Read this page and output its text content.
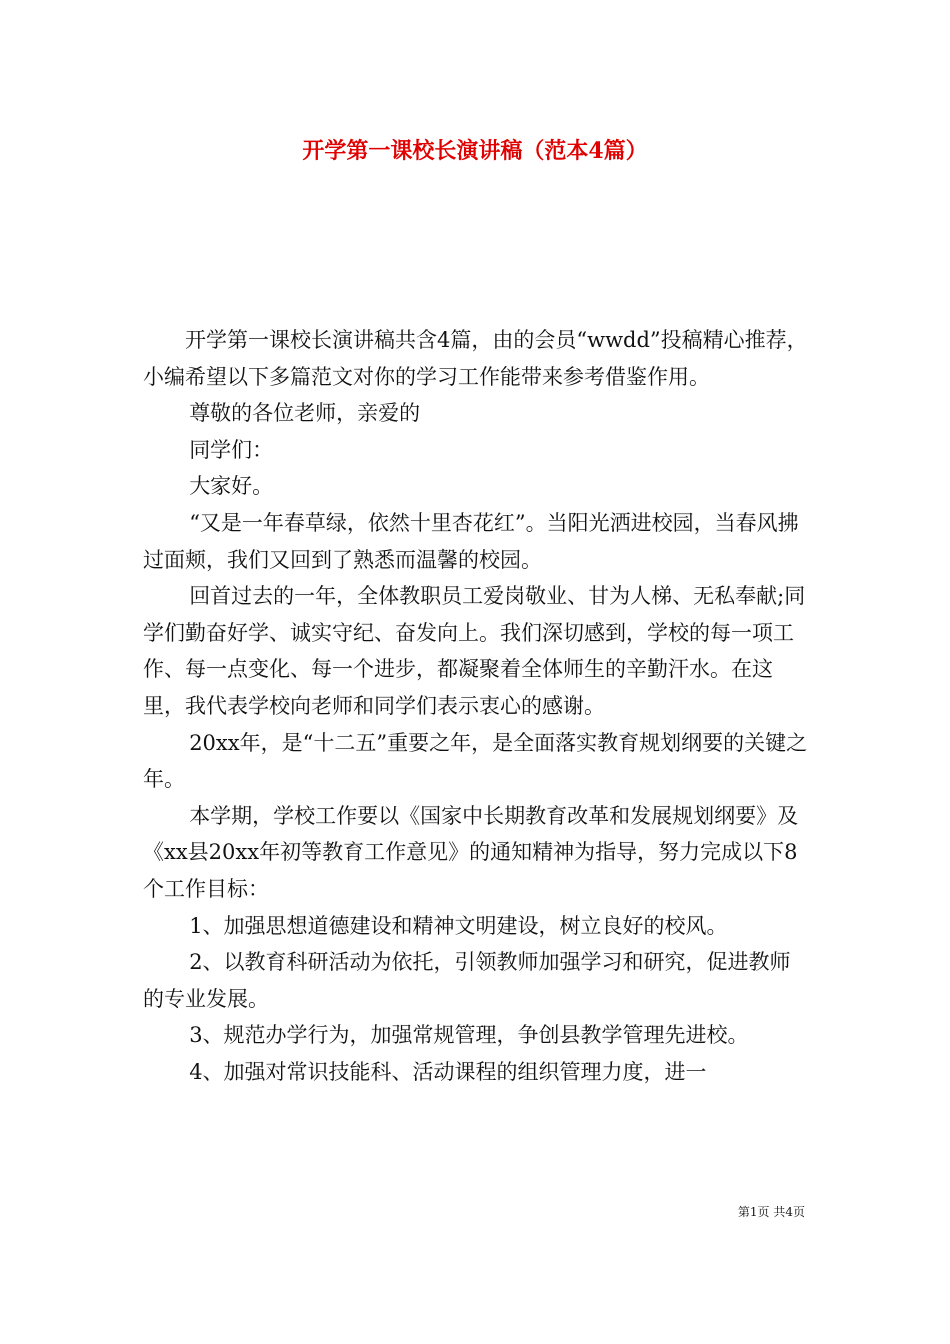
开学第一课校长演讲稿（范本4篇）

开学第一课校长演讲稿共含4篇，由的会员“wwdd”投稿精心推荐，小编希望以下多篇范文对你的学习工作能带来参考借鉴作用。

尊敬的各位老师，亲爱的

同学们：

大家好。

“又是一年春草绿，依然十里杏花红”。当阳光洒进校园，当春风拂过面颊，我们又回到了熟悉而温馨的校园。

回首过去的一年，全体教职员工爱岗敬业、甘为人梯、无私奉献;同学们勤奋好学、诚实守纪、奋发向上。我们深切感到，学校的每一项工作、每一点变化、每一个进步，都凝聚着全体师生的辛勤汗水。在这里，我代表学校向老师和同学们表示衷心的感谢。

20xx年，是“十二五”重要之年，是全面落实教育规划纲要的关键之年。

本学期，学校工作要以《国家中长期教育改革和发展规划纲要》及《xx县20xx年初等教育工作意见》的通知精神为指导，努力完成以下8个工作目标：

1、加强思想道德建设和精神文明建设，树立良好的校风。

2、以教育科研活动为依托，引领教师加强学习和研究，促进教师的专业发展。

3、规范办学行为，加强常规管理，争创县教学管理先进校。

4、加强对常识技能科、活动课程的组织管理力度，进一

第1页 共4页
